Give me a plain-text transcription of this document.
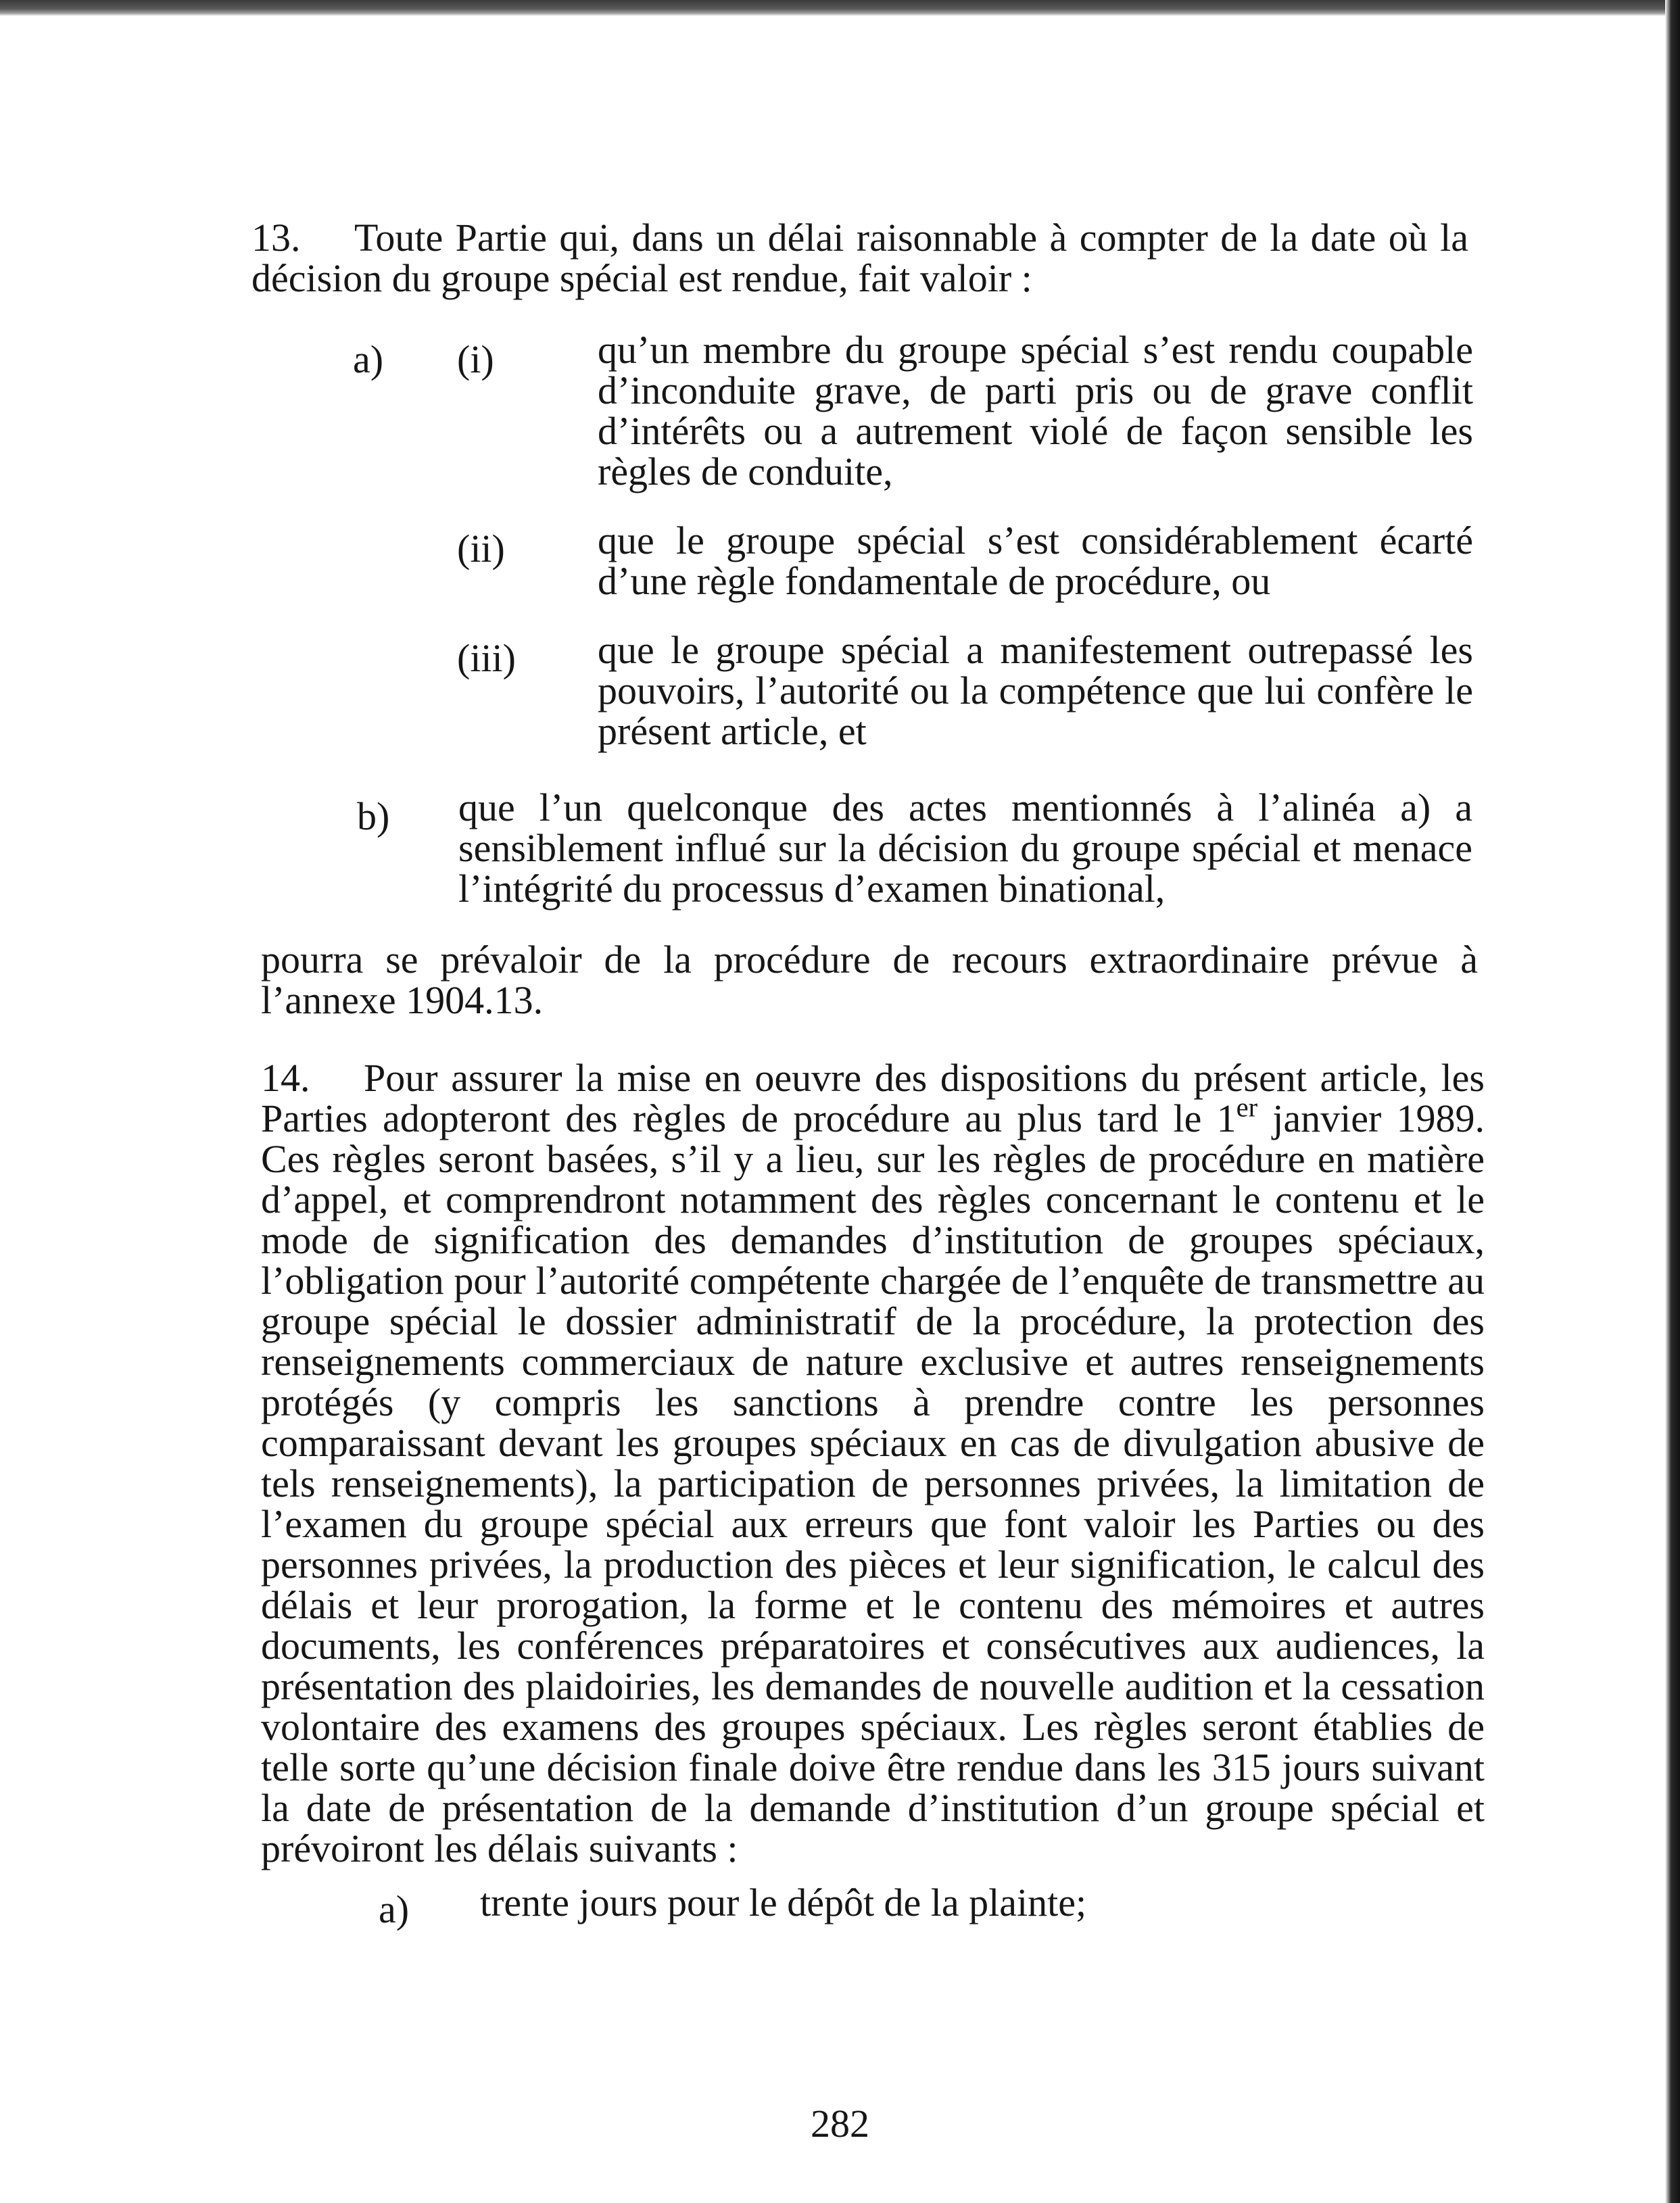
13. Toute Partie qui, dans un délai raisonnable à compter de la date où la décision du groupe spécial est rendue, fait valoir :
a) (i)	qu’un membre du groupe spécial s’est rendu coupable d’inconduite grave, de parti pris ou de grave conflit d’intérêts ou a autrement violé de façon sensible les règles de conduite,
(ii) que le groupe spécial s’est considérablement écarté d’une règle fondamentale de procédure, ou
(iii) que le groupe spécial a manifestement outrepassé les pouvoirs, l’autorité ou la compétence que lui confère le présent article, et
b) que l’un quelconque des actes mentionnés à l’alinéa a) a sensiblement influé sur la décision du groupe spécial et menace l’intégrité du processus d’examen binational,
pourra se prévaloir de la procédure de recours extraordinaire prévue à l’annexe 1904.13.
14. Pour assurer la mise en oeuvre des dispositions du présent article, les Parties adopteront des règles de procédure au plus tard le 1er janvier 1989. Ces règles seront basées, s’il y a lieu, sur les règles de procédure en matière d’appel, et comprendront notamment des règles concernant le contenu et le mode de signification des demandes d’institution de groupes spéciaux, l’obligation pour l’autorité compétente chargée de l’enquête de transmettre au groupe spécial le dossier administratif de la procédure, la protection des renseignements commerciaux de nature exclusive et autres renseignements protégés (y compris les sanctions à prendre contre les personnes comparaissant devant les groupes spéciaux en cas de divulgation abusive de tels renseignements), la participation de personnes privées, la limitation de l’examen du groupe spécial aux erreurs que font valoir les Parties ou des personnes privées, la production des pièces et leur signification, le calcul des délais et leur prorogation, la forme et le contenu des mémoires et autres documents, les conférences préparatoires et consécutives aux audiences, la présentation des plaidoiries, les demandes de nouvelle audition et la cessation volontaire des examens des groupes spéciaux. Les règles seront établies de telle sorte qu’une décision finale doive être rendue dans les 315 jours suivant la date de présentation de la demande d’institution d’un groupe spécial et prévoiront les délais suivants :
a) trente jours pour le dépôt de la plainte;
282
